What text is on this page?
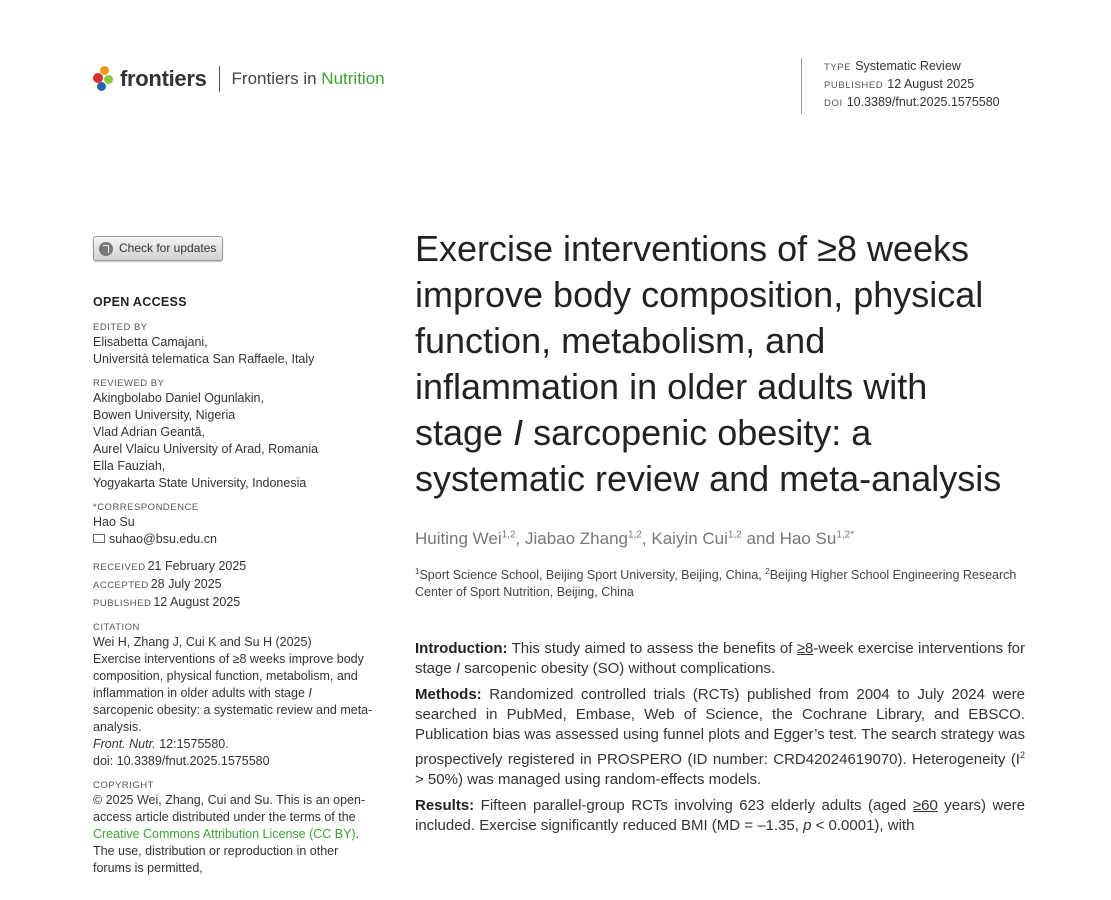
frontiers Frontiers in Nutrition
TYPE Systematic Review
PUBLISHED 12 August 2025
DOI 10.3389/fnut.2025.1575580
Check for updates
OPEN ACCESS
EDITED BY
Elisabetta Camajani,
Università telematica San Raffaele, Italy
REVIEWED BY
Akingbolabo Daniel Ogunlakin,
Bowen University, Nigeria
Vlad Adrian Geantă,
Aurel Vlaicu University of Arad, Romania
Ella Fauziah,
Yogyakarta State University, Indonesia
*CORRESPONDENCE
Hao Su
suhao@bsu.edu.cn
RECEIVED 21 February 2025
ACCEPTED 28 July 2025
PUBLISHED 12 August 2025
CITATION
Wei H, Zhang J, Cui K and Su H (2025)
Exercise interventions of ≥8 weeks improve body composition, physical function, metabolism, and inflammation in older adults with stage I sarcopenic obesity: a systematic review and meta-analysis.
Front. Nutr. 12:1575580.
doi: 10.3389/fnut.2025.1575580
COPYRIGHT
© 2025 Wei, Zhang, Cui and Su. This is an open-access article distributed under the terms of the Creative Commons Attribution License (CC BY). The use, distribution or reproduction in other forums is permitted,
Exercise interventions of ≥8 weeks improve body composition, physical function, metabolism, and inflammation in older adults with stage I sarcopenic obesity: a systematic review and meta-analysis
Huiting Wei$^{1,2}$, Jiabao Zhang$^{1,2}$, Kaiyin Cui$^{1,2}$ and Hao $Su^{1,2*}$
$^1$Sport Science School, Beijing Sport University, Beijing, China, $^2$Beijing Higher School Engineering Research Center of Sport Nutrition, Beijing, China

Introduction: This study aimed to assess the benefits of ≥8-week exercise interventions for stage I sarcopenic obesity (SO) without complications.

Methods: Randomized controlled trials (RCTs) published from 2004 to July 2024 were searched in PubMed, Embase, Web of Science, the Cochrane Library, and EBSCO. Publication bias was assessed using funnel plots and Egger’s test. The search strategy was prospectively registered in PROSPERO (ID number: CRD42024619070). Heterogeneity $(I^2 > 50\%)$ was managed using random-effects models.

Results: Fifteen parallel-group RCTs involving 623 elderly adults (aged ≥60 years) were included. Exercise significantly reduced BMI (MD = –1.35, p < 0.0001), with
